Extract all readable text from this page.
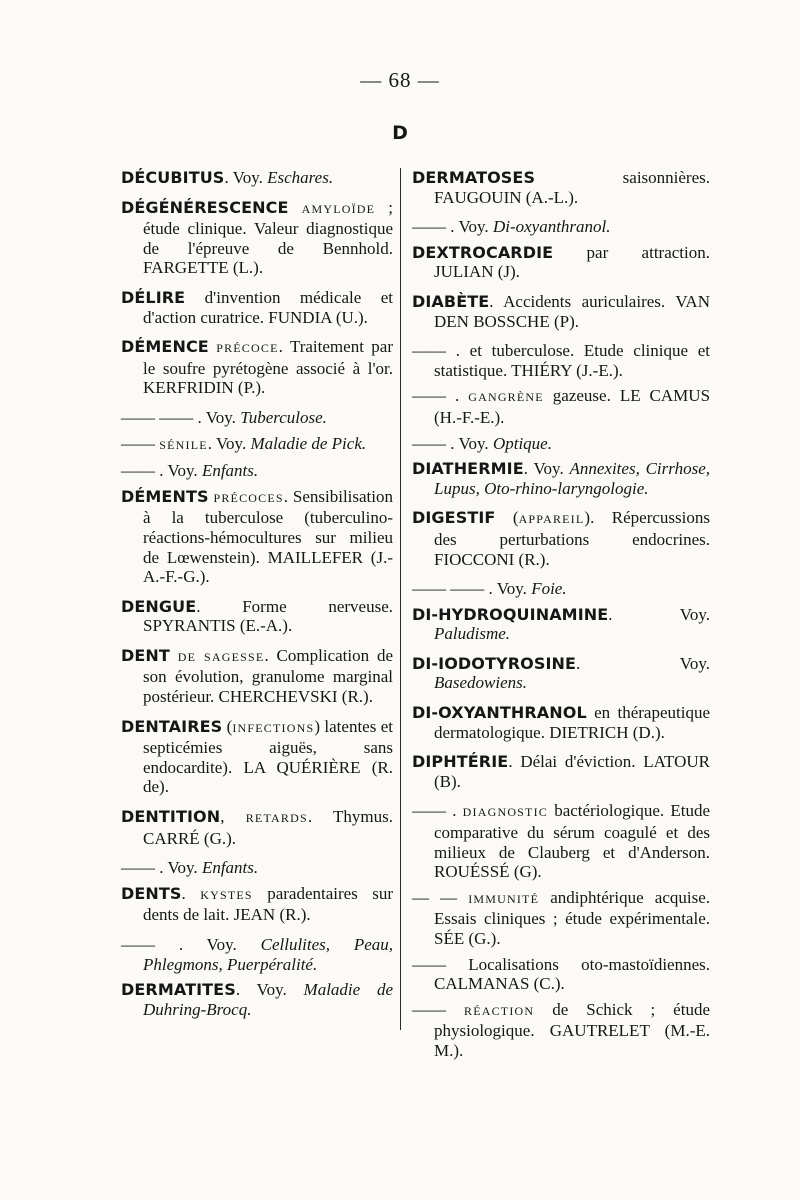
— 68 —
D

DÉCUBITUS. Voy. Eschares.

DÉGÉNÉRESCENCE AMYLOÏDE ; étude clinique. Valeur diagnostique de l'épreuve de Bennhold. FARGETTE (L.).

DÉLIRE d'invention médicale et d'action curatrice. FUNDIA (U.).

DÉMENCE PRÉCOCE. Traitement par le soufre pyrétogène associé à l'or. KERFRIDIN (P.).

—— —— . Voy. Tuberculose.

—— SÉNILE. Voy. Maladie de Pick.

—— . Voy. Enfants.

DÉMENTS PRÉCOCES. Sensibilisation à la tuberculose (tuberculino-réactions-hémocultures sur milieu de Lœwenstein). MAILLEFER (J.-A.-F.-G.).

DENGUE. Forme nerveuse. SPYRANTIS (E.-A.).

DENT DE SAGESSE. Complication de son évolution, granulome marginal postérieur. CHERCHEVSKI (R.).

DENTAIRES (INFECTIONS) latentes et septicémies aiguës, sans endocardite). LA QUÉRIÈRE (R. de).

DENTITION, RETARDS. Thymus. CARRÉ (G.).

—— . Voy. Enfants.

DENTS. KYSTES paradentaires sur dents de lait. JEAN (R.).

—— . Voy. Cellulites, Peau, Phlegmons, Puerpéralité.

DERMATITES. Voy. Maladie de Duhring-Brocq.

DERMATOSES saisonnières. FAUGOUIN (A.-L.).

—— . Voy. Di-oxyanthranol.

DEXTROCARDIE par attraction. JULIAN (J).

DIABÈTE. Accidents auriculaires. VAN DEN BOSSCHE (P).

—— . et tuberculose. Etude clinique et statistique. THIÉRY (J.-E.).

—— . GANGRÈNE gazeuse. LE CAMUS (H.-F.-E.).

—— . Voy. Optique.

DIATHERMIE. Voy. Annexites, Cirrhose, Lupus, Oto-rhino-laryngologie.

DIGESTIF (APPAREIL). Répercussions des perturbations endocrines. FIOCCONI (R.).

—— —— . Voy. Foie.

DI-HYDROQUINAMINE. Voy. Paludisme.

DI-IODOTYROSINE. Voy. Basedowiens.

DI-OXYANTHRANOL en thérapeutique dermatologique. DIETRICH (D.).

DIPHTÉRIE. Délai d'éviction. LATOUR (B).

—— . DIAGNOSTIC bactériologique. Etude comparative du sérum coagulé et des milieux de Clauberg et d'Anderson. ROUÉSSÉ (G).

— — IMMUNITÉ andiphtérique acquise. Essais cliniques ; étude expérimentale. SÉE (G.).

—— Localisations oto-mastoïdiennes. CALMANAS (C.).

—— RÉACTION de Schick ; étude physiologique. GAUTRELET (M.-E. M.).
